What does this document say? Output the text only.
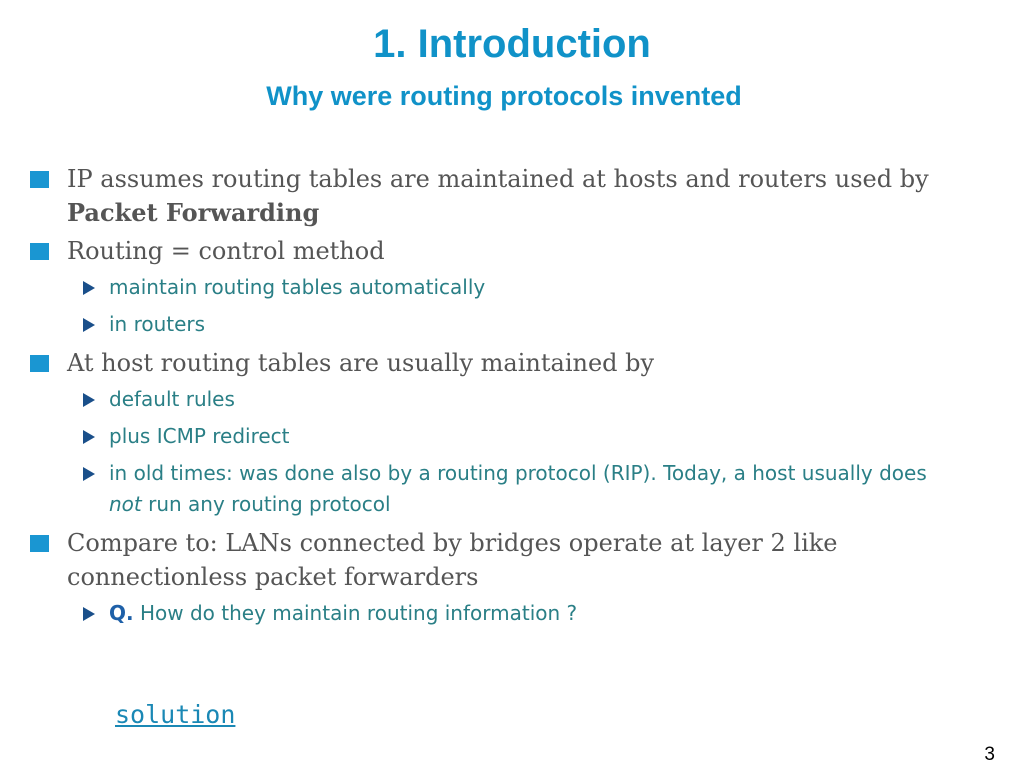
1. Introduction
Why were routing protocols invented
IP assumes routing tables are maintained at hosts and routers used by
Packet Forwarding
Routing = control method
maintain routing tables automatically
in routers
At host routing tables are usually maintained by
default rules
plus ICMP redirect
in old times: was done also by a routing protocol (RIP). Today, a host usually does
not run any routing protocol
Compare to: LANs connected by bridges operate at layer 2 like connectionless packet forwarders
Q. How do they maintain routing information ?
solution
3
